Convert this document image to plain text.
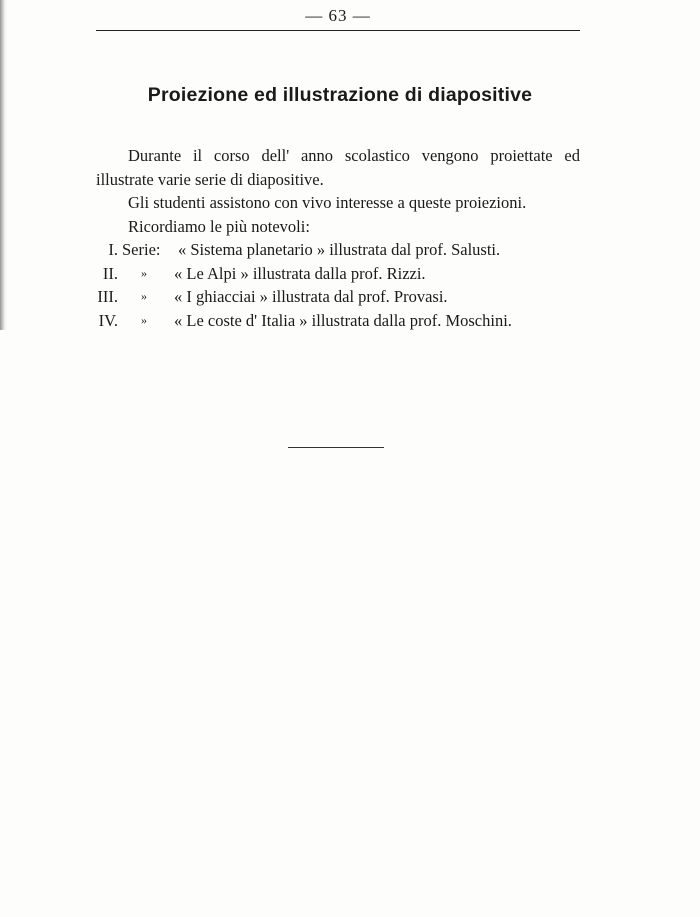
— 63 —
Proiezione ed illustrazione di diapositive

Durante il corso dell' anno scolastico vengono proiettate ed illustrate varie serie di diapositive.

Gli studenti assistono con vivo interesse a queste proiezioni.

Ricordiamo le più notevoli:

I. Serie:	« Sistema planetario » illustrata dal prof. Salusti.
II.	»	« Le Alpi » illustrata dalla prof. Rizzi.
III.	»	« I ghiacciai » illustrata dal prof. Provasi.
IV.	»	« Le coste d' Italia » illustrata dalla prof. Moschini.
